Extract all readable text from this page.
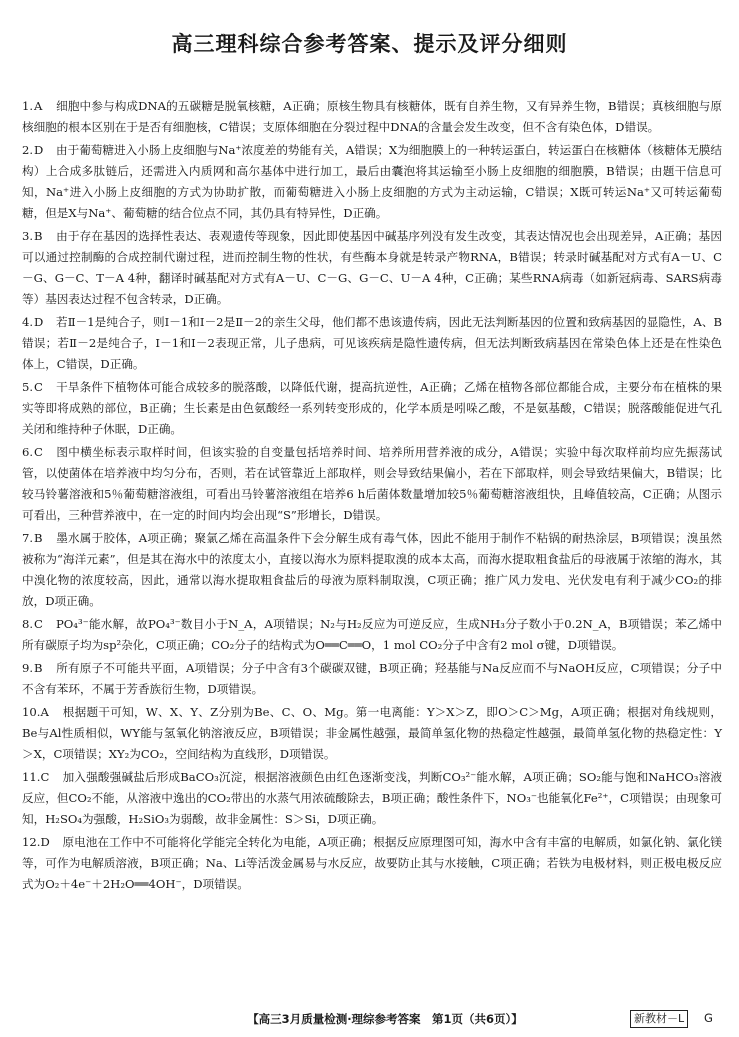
高三理科综合参考答案、提示及评分细则
1.A 细胞中参与构成DNA的五碳糖是脱氧核糖，A正确；原核生物具有核糖体，既有自养生物，又有异养生物，B错误；真核细胞与原核细胞的根本区别在于是否有细胞核，C错误；支原体细胞在分裂过程中DNA的含量会发生改变，但不含有染色体，D错误。
2.D 由于葡萄糖进入小肠上皮细胞与Na⁺浓度差的势能有关，A错误；X为细胞膜上的一种转运蛋白，转运蛋白在核糖体（核糖体无膜结构）上合成多肽链后，还需进入内质网和高尔基体中进行加工，最后由囊泡将其运输至小肠上皮细胞的细胞膜，B错误；由题干信息可知，Na⁺进入小肠上皮细胞的方式为协助扩散，而葡萄糖进入小肠上皮细胞的方式为主动运输，C错误；X既可转运Na⁺又可转运葡萄糖，但是X与Na⁺、葡萄糖的结合位点不同，其仍具有特异性，D正确。
3.B 由于存在基因的选择性表达、表观遗传等现象，因此即使基因中碱基序列没有发生改变，其表达情况也会出现差异，A正确；基因可以通过控制酶的合成控制代谢过程，进而控制生物的性状，有些酶本身就是转录产物RNA，B错误；转录时碱基配对方式有A－U、C－G、G－C、T－A 4种，翻译时碱基配对方式有A－U、C－G、G－C、U－A 4种，C正确；某些RNA病毒（如新冠病毒、SARS病毒等）基因表达过程不包含转录，D正确。
4.D 若Ⅱ－1是纯合子，则Ⅰ－1和Ⅰ－2是Ⅱ－2的亲生父母，他们都不患该遗传病，因此无法判断基因的位置和致病基因的显隐性，A、B错误；若Ⅱ－2是纯合子，Ⅰ－1和Ⅰ－2表现正常，儿子患病，可见该疾病是隐性遗传病，但无法判断致病基因在常染色体上还是在性染色体上，C错误，D正确。
5.C 干旱条件下植物体可能合成较多的脱落酸，以降低代谢，提高抗逆性，A正确；乙烯在植物各部位都能合成，主要分布在植株的果实等即将成熟的部位，B正确；生长素是由色氨酸经一系列转变形成的，化学本质是吲哚乙酸，不是氨基酸，C错误；脱落酸能促进气孔关闭和维持种子休眠，D正确。
6.C 图中横坐标表示取样时间，但该实验的自变量包括培养时间、培养所用营养液的成分，A错误；实验中每次取样前均应先振荡试管，以使菌体在培养液中均匀分布，否则，若在试管靠近上部取样，则会导致结果偏小，若在下部取样，则会导致结果偏大，B错误；比较马铃薯溶液和5％葡萄糖溶液组，可看出马铃薯溶液组在培养6 h后菌体数量增加较5％葡萄糖溶液组快，且峰值较高，C正确；从图示可看出，三种营养液中，在一定的时间内均会出现“S”形增长，D错误。
7.B 墨水属于胶体，A项正确；聚氯乙烯在高温条件下会分解生成有毒气体，因此不能用于制作不粘锅的耐热涂层，B项错误；溴虽然被称为“海洋元素”，但是其在海水中的浓度太小，直接以海水为原料提取溴的成本太高，而海水提取粗食盐后的母液属于浓缩的海水，其中溴化物的浓度较高，因此，通常以海水提取粗食盐后的母液为原料制取溴，C项正确；推广风力发电、光伏发电有利于减少CO₂的排放，D项正确。
8.C PO₄³⁻能水解，故PO₄³⁻数目小于N_A，A项错误；N₂与H₂反应为可逆反应，生成NH₃分子数小于0.2N_A，B项错误；苯乙烯中所有碳原子均为sp²杂化，C项正确；CO₂分子的结构式为O══C══O，1 mol CO₂分子中含有2 mol σ键，D项错误。
9.B 所有原子不可能共平面，A项错误；分子中含有3个碳碳双键，B项正确；羟基能与Na反应而不与NaOH反应，C项错误；分子中不含有苯环，不属于芳香族衍生物，D项错误。
10.A 根据题干可知，W、X、Y、Z分别为Be、C、O、Mg。第一电离能：Y＞X＞Z，即O＞C＞Mg，A项正确；根据对角线规则，Be与Al性质相似，WY能与氢氧化钠溶液反应，B项错误；非金属性越强，最简单氢化物的热稳定性越强，最简单氢化物的热稳定性：Y＞X，C项错误；XY₂为CO₂，空间结构为直线形，D项错误。
11.C 加入强酸强碱盐后形成BaCO₃沉淀，根据溶液颜色由红色逐渐变浅，判断CO₃²⁻能水解，A项正确；SO₂能与饱和NaHCO₃溶液反应，但CO₂不能，从溶液中逸出的CO₂带出的水蒸气用浓硫酸除去，B项正确；酸性条件下，NO₃⁻也能氧化Fe²⁺，C项错误；由现象可知，H₂SO₄为强酸，H₂SiO₃为弱酸，故非金属性：S＞Si，D项正确。
12.D 原电池在工作中不可能将化学能完全转化为电能，A项正确；根据反应原理图可知，海水中含有丰富的电解质，如氯化钠、氯化镁等，可作为电解质溶液，B项正确；Na、Li等活泼金属易与水反应，故要防止其与水接触，C项正确；若铁为电极材料，则正极电极反应式为O₂＋4e⁻＋2H₂O══4OH⁻，D项错误。
【高三3月质量检测·理综参考答案　第1页（共6页）】	新教材－L	G
